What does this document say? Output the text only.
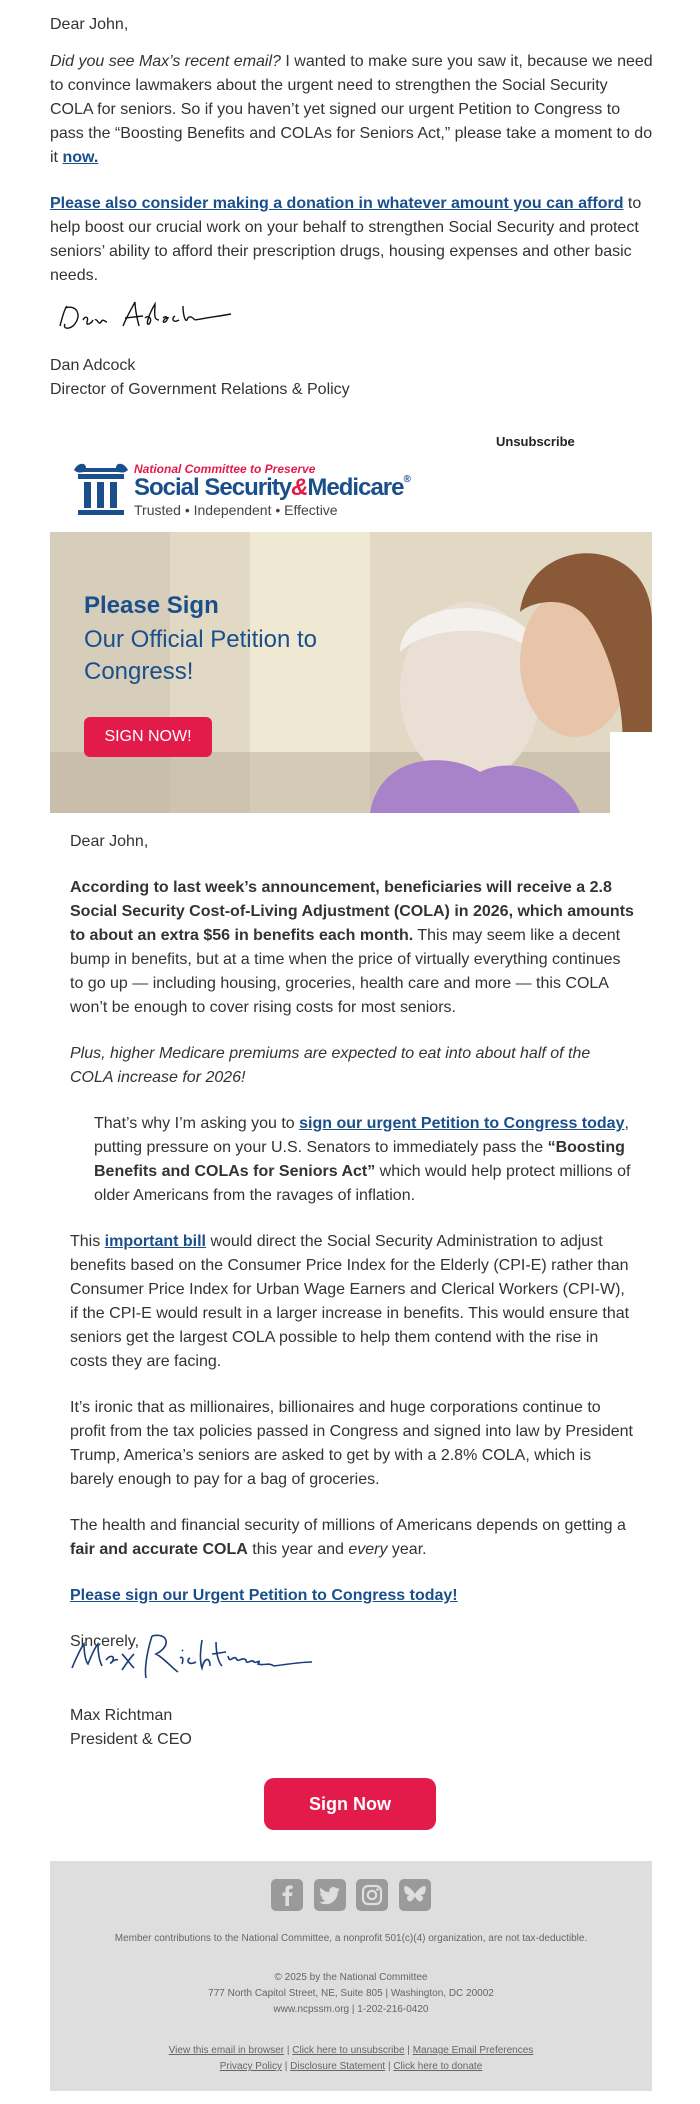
Dear John,
Did you see Max’s recent email? I wanted to make sure you saw it, because we need to convince lawmakers about the urgent need to strengthen the Social Security COLA for seniors. So if you haven’t yet signed our urgent Petition to Congress to pass the “Boosting Benefits and COLAs for Seniors Act,” please take a moment to do it now.
Please also consider making a donation in whatever amount you can afford to help boost our crucial work on your behalf to strengthen Social Security and protect seniors’ ability to afford their prescription drugs, housing expenses and other basic needs.
Dan Adcock
Director of Government Relations & Policy
Unsubscribe
National Committee to Preserve
Social Security&Medicare®
Trusted • Independent • Effective
Please Sign
Our Official Petition to Congress!
SIGN NOW!

Dear John,

According to last week’s announcement, beneficiaries will receive a 2.8 Social Security Cost-of-Living Adjustment (COLA) in 2026, which amounts to about an extra $56 in benefits each month. This may seem like a decent bump in benefits, but at a time when the price of virtually everything continues to go up — including housing, groceries, health care and more — this COLA won’t be enough to cover rising costs for most seniors.

Plus, higher Medicare premiums are expected to eat into about half of the COLA increase for 2026!

That’s why I’m asking you to sign our urgent Petition to Congress today, putting pressure on your U.S. Senators to immediately pass the “Boosting Benefits and COLAs for Seniors Act” which would help protect millions of older Americans from the ravages of inflation.

This important bill would direct the Social Security Administration to adjust benefits based on the Consumer Price Index for the Elderly (CPI-E) rather than Consumer Price Index for Urban Wage Earners and Clerical Workers (CPI-W), if the CPI-E would result in a larger increase in benefits. This would ensure that seniors get the largest COLA possible to help them contend with the rise in costs they are facing.

It’s ironic that as millionaires, billionaires and huge corporations continue to profit from the tax policies passed in Congress and signed into law by President Trump, America’s seniors are asked to get by with a 2.8% COLA, which is barely enough to pay for a bag of groceries.

The health and financial security of millions of Americans depends on getting a fair and accurate COLA this year and every year.

Please sign our Urgent Petition to Congress today!

Sincerely,

Max Richtman
President & CEO
Sign Now

Member contributions to the National Committee, a nonprofit 501(c)(4) organization, are not tax-deductible.
© 2025 by the National Committee
777 North Capitol Street, NE, Suite 805 | Washington, DC 20002
www.ncpssm.org | 1-202-216-0420
View this email in browser | Click here to unsubscribe | Manage Email Preferences
Privacy Policy | Disclosure Statement | Click here to donate
